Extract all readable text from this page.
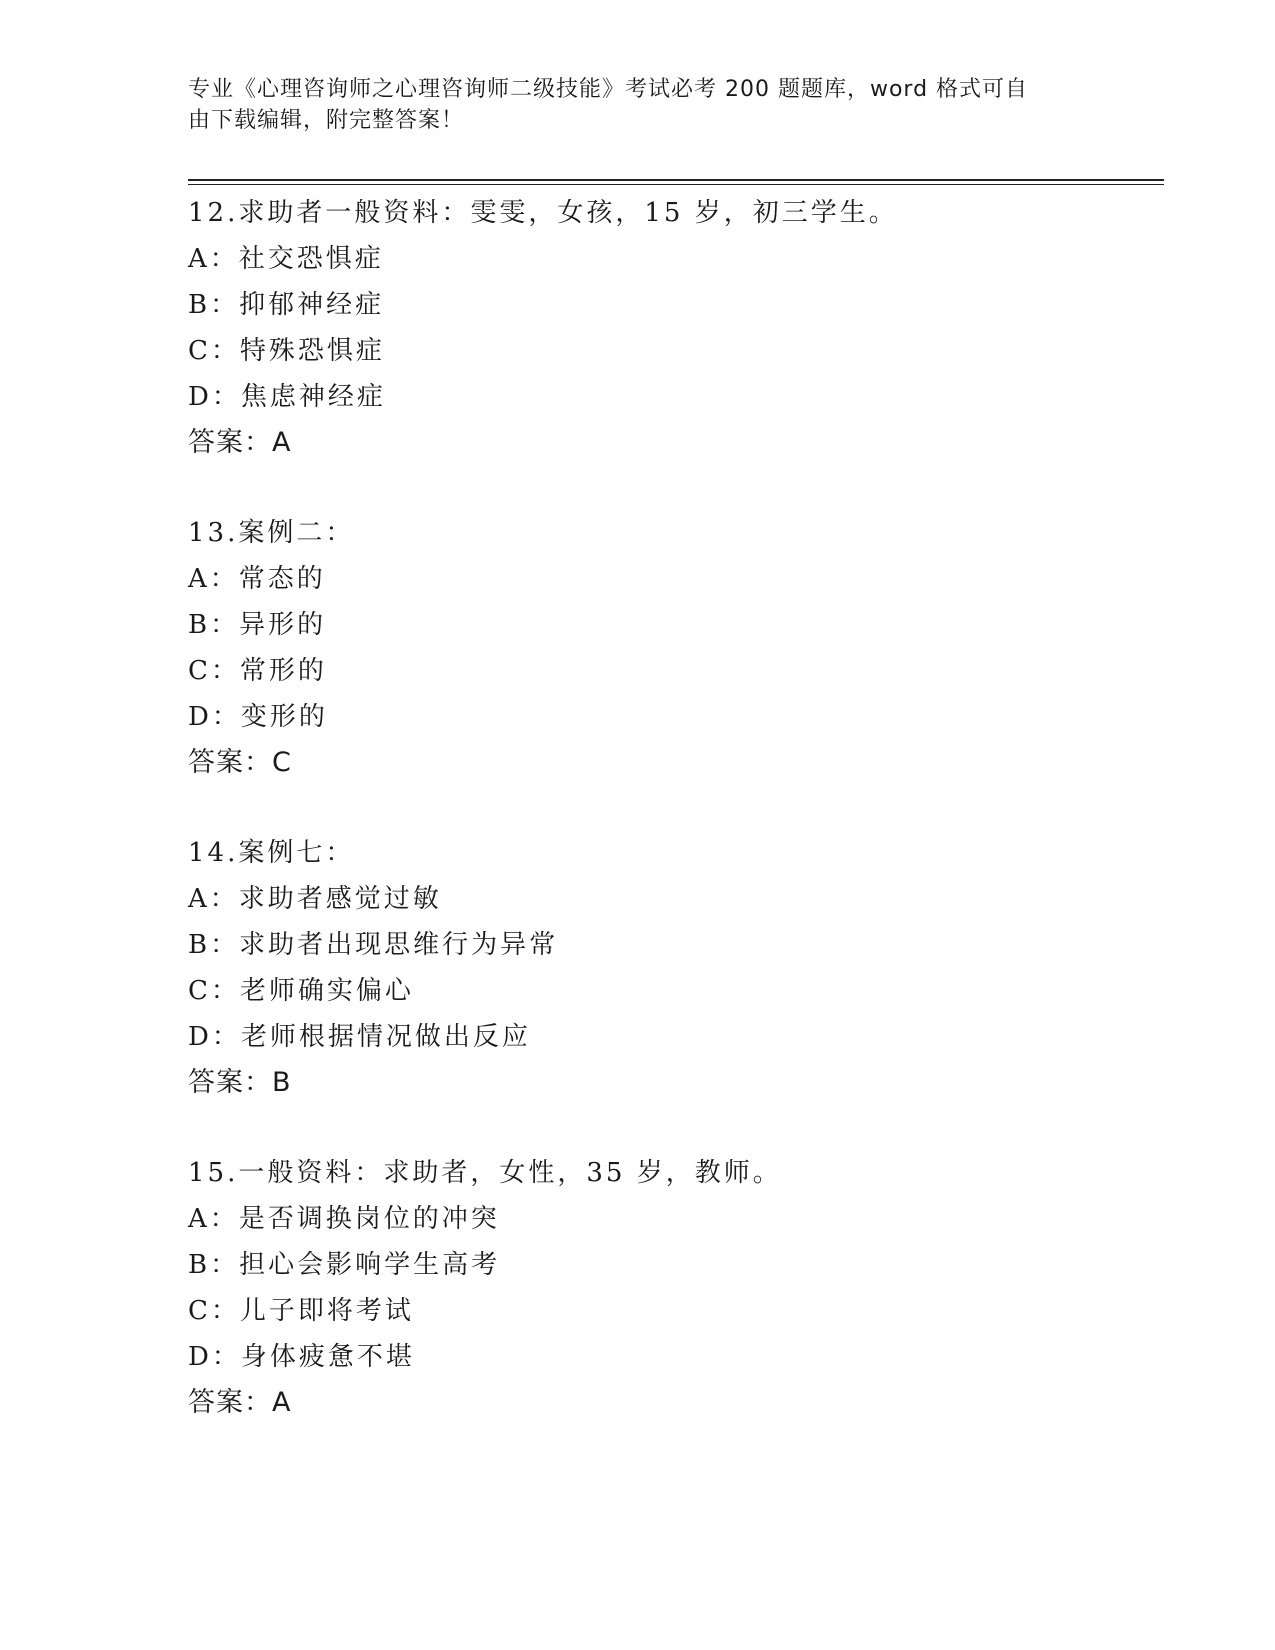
专业《心理咨询师之心理咨询师二级技能》考试必考 200 题题库，word 格式可自
由下载编辑，附完整答案！
12.求助者一般资料：雯雯，女孩，15 岁，初三学生。
A：社交恐惧症
B：抑郁神经症
C：特殊恐惧症
D：焦虑神经症
答案：A
13.案例二：
A：常态的
B：异形的
C：常形的
D：变形的
答案：C
14.案例七：
A：求助者感觉过敏
B：求助者出现思维行为异常
C：老师确实偏心
D：老师根据情况做出反应
答案：B
15.一般资料：求助者，女性，35 岁，教师。
A：是否调换岗位的冲突
B：担心会影响学生高考
C：儿子即将考试
D：身体疲惫不堪
答案：A
